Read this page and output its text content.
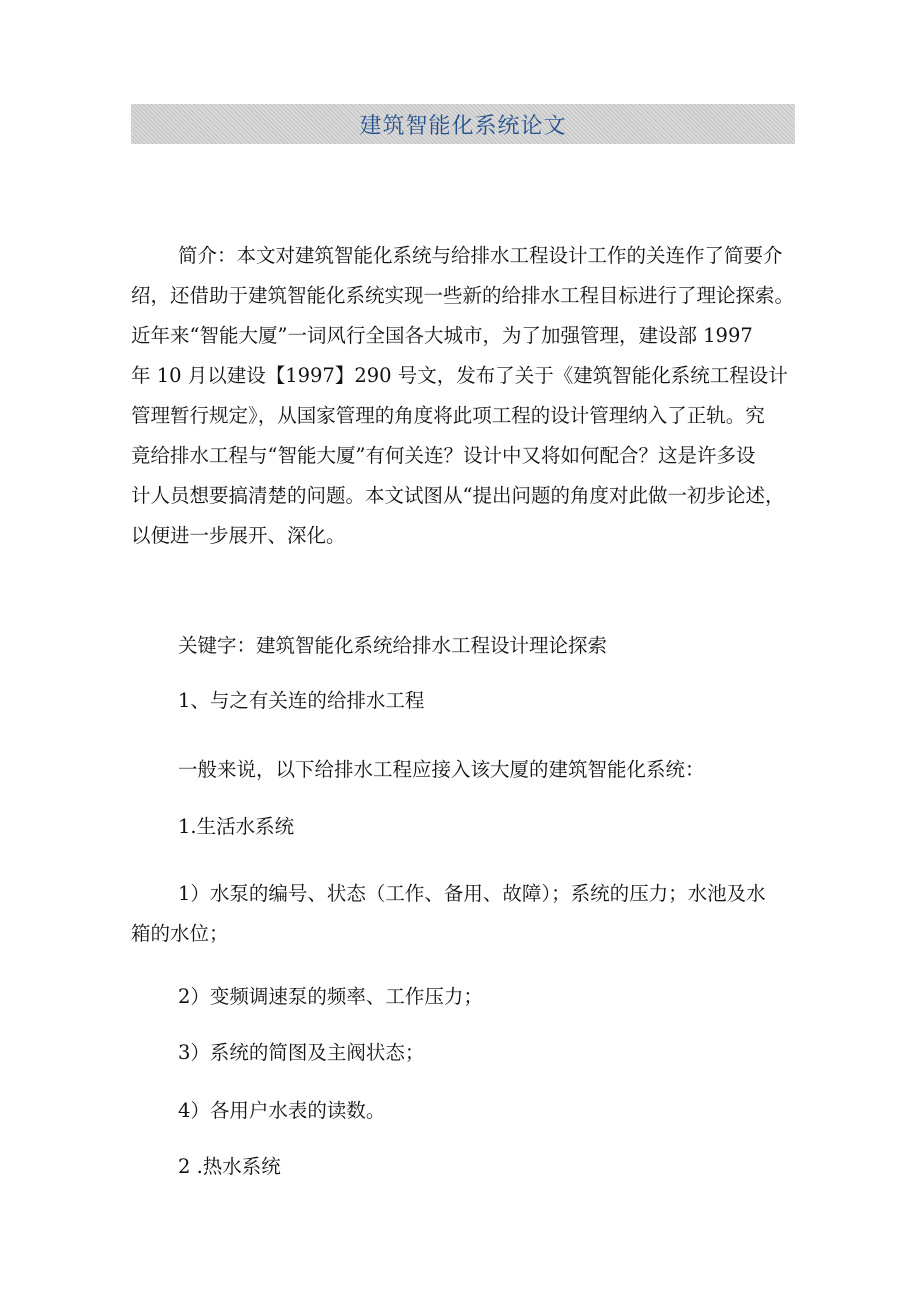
建筑智能化系统论文
简介：本文对建筑智能化系统与给排水工程设计工作的关连作了简要介
绍，还借助于建筑智能化系统实现一些新的给排水工程目标进行了理论探索。
近年来“智能大厦”一词风行全国各大城市，为了加强管理，建设部 1997
年 10 月以建设【1997】290 号文，发布了关于《建筑智能化系统工程设计
管理暂行规定》，从国家管理的角度将此项工程的设计管理纳入了正轨。究
竟给排水工程与“智能大厦”有何关连？设计中又将如何配合？这是许多设
计人员想要搞清楚的问题。本文试图从“提出问题的角度对此做一初步论述，
以便进一步展开、深化。
关键字：建筑智能化系统给排水工程设计理论探索
1、与之有关连的给排水工程
一般来说，以下给排水工程应接入该大厦的建筑智能化系统：
1.生活水系统
1）水泵的编号、状态（工作、备用、故障）；系统的压力；水池及水
箱的水位；
2）变频调速泵的频率、工作压力；
3）系统的简图及主阀状态；
4）各用户水表的读数。
2 .热水系统
